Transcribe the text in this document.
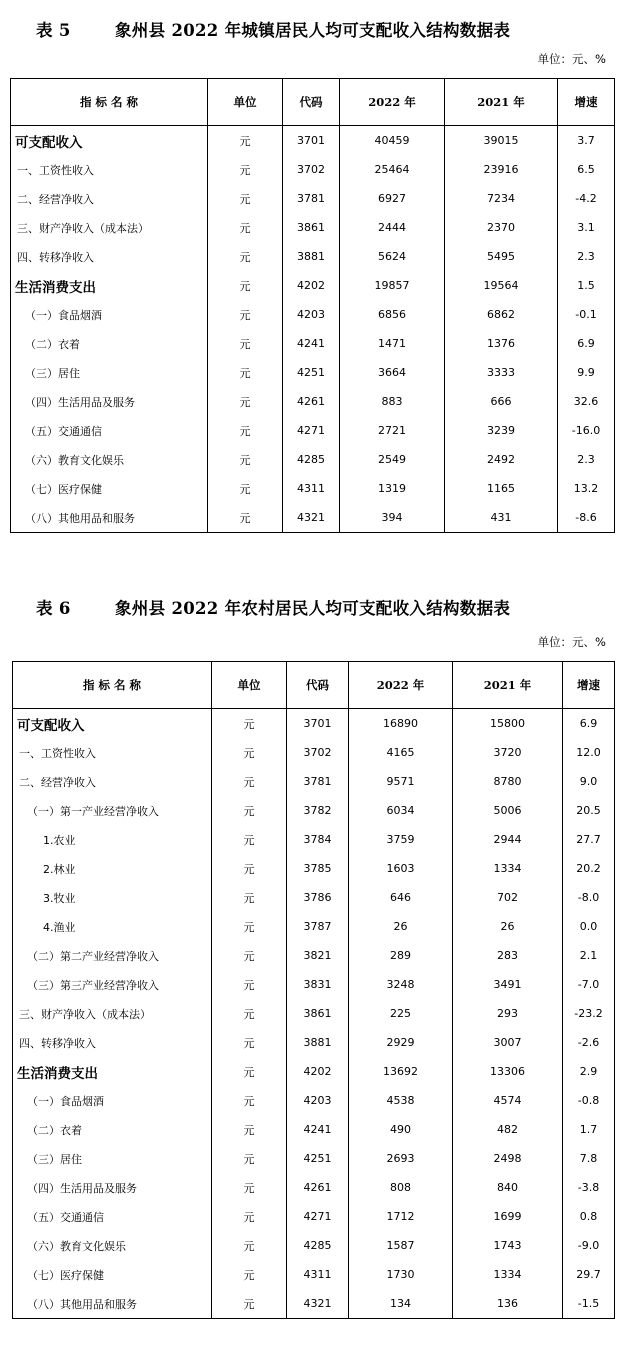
表 5	象州县 2022 年城镇居民人均可支配收入结构数据表
单位：元、%
指 标 名 称	单位	代码	2022 年	2021 年	增速
可支配收入	元	3701	40459	39015	3.7
一、工资性收入	元	3702	25464	23916	6.5
二、经营净收入	元	3781	6927	7234	-4.2
三、财产净收入（成本法）	元	3861	2444	2370	3.1
四、转移净收入	元	3881	5624	5495	2.3
生活消费支出	元	4202	19857	19564	1.5
（一）食品烟酒	元	4203	6856	6862	-0.1
（二）衣着	元	4241	1471	1376	6.9
（三）居住	元	4251	3664	3333	9.9
（四）生活用品及服务	元	4261	883	666	32.6
（五）交通通信	元	4271	2721	3239	-16.0
（六）教育文化娱乐	元	4285	2549	2492	2.3
（七）医疗保健	元	4311	1319	1165	13.2
（八）其他用品和服务	元	4321	394	431	-8.6
表 6	象州县 2022 年农村居民人均可支配收入结构数据表
单位：元、%
指 标 名 称	单位	代码	2022 年	2021 年	增速
可支配收入	元	3701	16890	15800	6.9
一、工资性收入	元	3702	4165	3720	12.0
二、经营净收入	元	3781	9571	8780	9.0
（一）第一产业经营净收入	元	3782	6034	5006	20.5
1.农业	元	3784	3759	2944	27.7
2.林业	元	3785	1603	1334	20.2
3.牧业	元	3786	646	702	-8.0
4.渔业	元	3787	26	26	0.0
（二）第二产业经营净收入	元	3821	289	283	2.1
（三）第三产业经营净收入	元	3831	3248	3491	-7.0
三、财产净收入（成本法）	元	3861	225	293	-23.2
四、转移净收入	元	3881	2929	3007	-2.6
生活消费支出	元	4202	13692	13306	2.9
（一）食品烟酒	元	4203	4538	4574	-0.8
（二）衣着	元	4241	490	482	1.7
（三）居住	元	4251	2693	2498	7.8
（四）生活用品及服务	元	4261	808	840	-3.8
（五）交通通信	元	4271	1712	1699	0.8
（六）教育文化娱乐	元	4285	1587	1743	-9.0
（七）医疗保健	元	4311	1730	1334	29.7
（八）其他用品和服务	元	4321	134	136	-1.5
